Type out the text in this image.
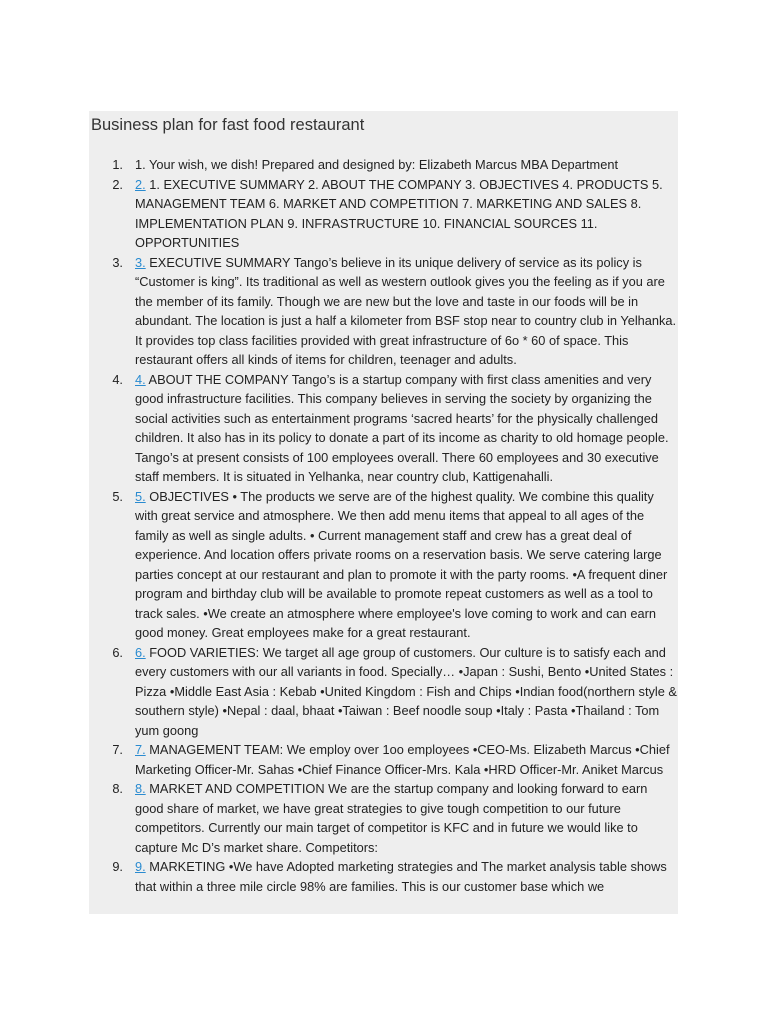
Business plan for fast food restaurant
1. 1. Your wish, we dish! Prepared and designed by: Elizabeth Marcus MBA Department
2. 2. 1. EXECUTIVE SUMMARY 2. ABOUT THE COMPANY 3. OBJECTIVES 4. PRODUCTS 5. MANAGEMENT TEAM 6. MARKET AND COMPETITION 7. MARKETING AND SALES 8. IMPLEMENTATION PLAN 9. INFRASTRUCTURE 10. FINANCIAL SOURCES 11. OPPORTUNITIES
3. 3. EXECUTIVE SUMMARY Tango’s believe in its unique delivery of service as its policy is “Customer is king”. Its traditional as well as western outlook gives you the feeling as if you are the member of its family. Though we are new but the love and taste in our foods will be in abundant. The location is just a half a kilometer from BSF stop near to country club in Yelhanka. It provides top class facilities provided with great infrastructure of 6o * 60 of space. This restaurant offers all kinds of items for children, teenager and adults.
4. 4. ABOUT THE COMPANY Tango’s is a startup company with first class amenities and very good infrastructure facilities. This company believes in serving the society by organizing the social activities such as entertainment programs ‘sacred hearts’ for the physically challenged children. It also has in its policy to donate a part of its income as charity to old homage people. Tango’s at present consists of 100 employees overall. There 60 employees and 30 executive staff members. It is situated in Yelhanka, near country club, Kattigenahalli.
5. 5. OBJECTIVES • The products we serve are of the highest quality. We combine this quality with great service and atmosphere. We then add menu items that appeal to all ages of the family as well as single adults. • Current management staff and crew has a great deal of experience. And location offers private rooms on a reservation basis. We serve catering large parties concept at our restaurant and plan to promote it with the party rooms. •A frequent diner program and birthday club will be available to promote repeat customers as well as a tool to track sales. •We create an atmosphere where employee's love coming to work and can earn good money. Great employees make for a great restaurant.
6. 6. FOOD VARIETIES: We target all age group of customers. Our culture is to satisfy each and every customers with our all variants in food. Specially… •Japan : Sushi, Bento •United States : Pizza •Middle East Asia : Kebab •United Kingdom : Fish and Chips •Indian food(northern style & southern style) •Nepal : daal, bhaat •Taiwan : Beef noodle soup •Italy : Pasta •Thailand : Tom yum goong
7. 7. MANAGEMENT TEAM: We employ over 1oo employees •CEO-Ms. Elizabeth Marcus •Chief Marketing Officer-Mr. Sahas •Chief Finance Officer-Mrs. Kala •HRD Officer-Mr. Aniket Marcus
8. 8. MARKET AND COMPETITION We are the startup company and looking forward to earn good share of market, we have great strategies to give tough competition to our future competitors. Currently our main target of competitor is KFC and in future we would like to capture Mc D’s market share. Competitors:
9. 9. MARKETING •We have Adopted marketing strategies and The market analysis table shows that within a three mile circle 98% are families. This is our customer base which we
